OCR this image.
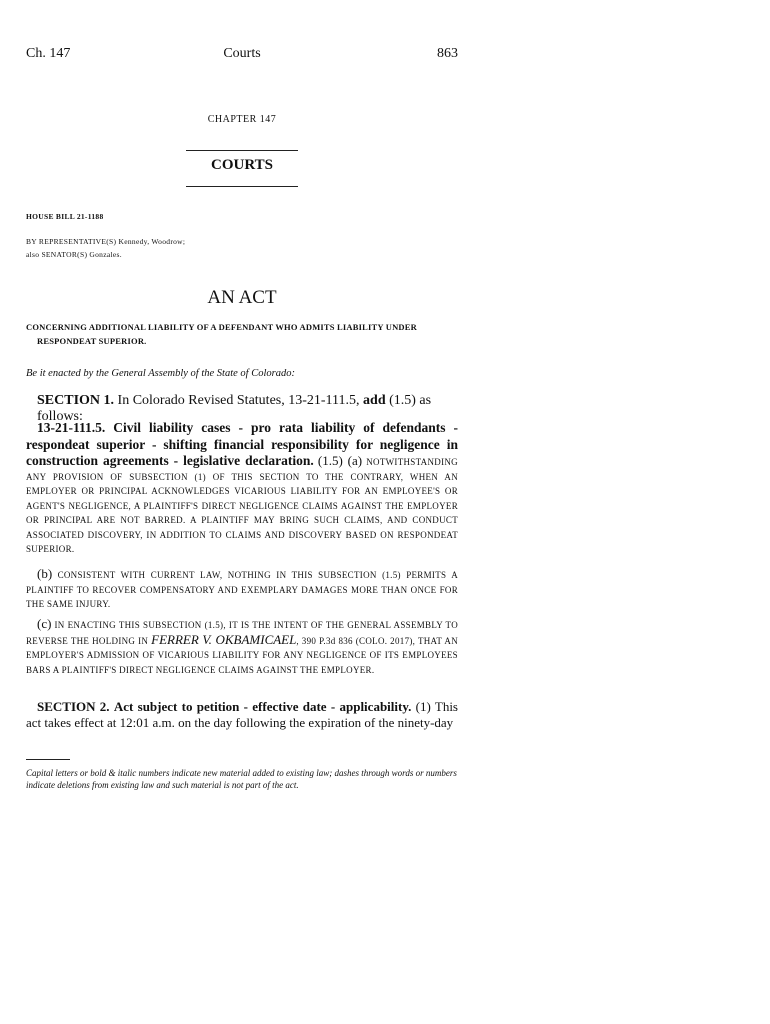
Ch. 147	Courts	863
CHAPTER 147
COURTS
HOUSE BILL 21-1188
BY REPRESENTATIVE(S) Kennedy, Woodrow;
also SENATOR(S) Gonzales.
AN ACT
CONCERNING ADDITIONAL LIABILITY OF A DEFENDANT WHO ADMITS LIABILITY UNDER
RESPONDEAT SUPERIOR.
Be it enacted by the General Assembly of the State of Colorado:
SECTION 1. In Colorado Revised Statutes, 13-21-111.5, add (1.5) as follows:
13-21-111.5. Civil liability cases - pro rata liability of defendants - respondeat superior - shifting financial responsibility for negligence in construction agreements - legislative declaration. (1.5) (a) NOTWITHSTANDING ANY PROVISION OF SUBSECTION (1) OF THIS SECTION TO THE CONTRARY, WHEN AN EMPLOYER OR PRINCIPAL ACKNOWLEDGES VICARIOUS LIABILITY FOR AN EMPLOYEE'S OR AGENT'S NEGLIGENCE, A PLAINTIFF'S DIRECT NEGLIGENCE CLAIMS AGAINST THE EMPLOYER OR PRINCIPAL ARE NOT BARRED. A PLAINTIFF MAY BRING SUCH CLAIMS, AND CONDUCT ASSOCIATED DISCOVERY, IN ADDITION TO CLAIMS AND DISCOVERY BASED ON RESPONDEAT SUPERIOR.
(b) CONSISTENT WITH CURRENT LAW, NOTHING IN THIS SUBSECTION (1.5) PERMITS A PLAINTIFF TO RECOVER COMPENSATORY AND EXEMPLARY DAMAGES MORE THAN ONCE FOR THE SAME INJURY.
(c) IN ENACTING THIS SUBSECTION (1.5), IT IS THE INTENT OF THE GENERAL ASSEMBLY TO REVERSE THE HOLDING IN FERRER V. OKBAMICAEL, 390 P.3d 836 (COLO. 2017), THAT AN EMPLOYER'S ADMISSION OF VICARIOUS LIABILITY FOR ANY NEGLIGENCE OF ITS EMPLOYEES BARS A PLAINTIFF'S DIRECT NEGLIGENCE CLAIMS AGAINST THE EMPLOYER.
SECTION 2. Act subject to petition - effective date - applicability. (1) This act takes effect at 12:01 a.m. on the day following the expiration of the ninety-day
Capital letters or bold & italic numbers indicate new material added to existing law; dashes through words or numbers indicate deletions from existing law and such material is not part of the act.
